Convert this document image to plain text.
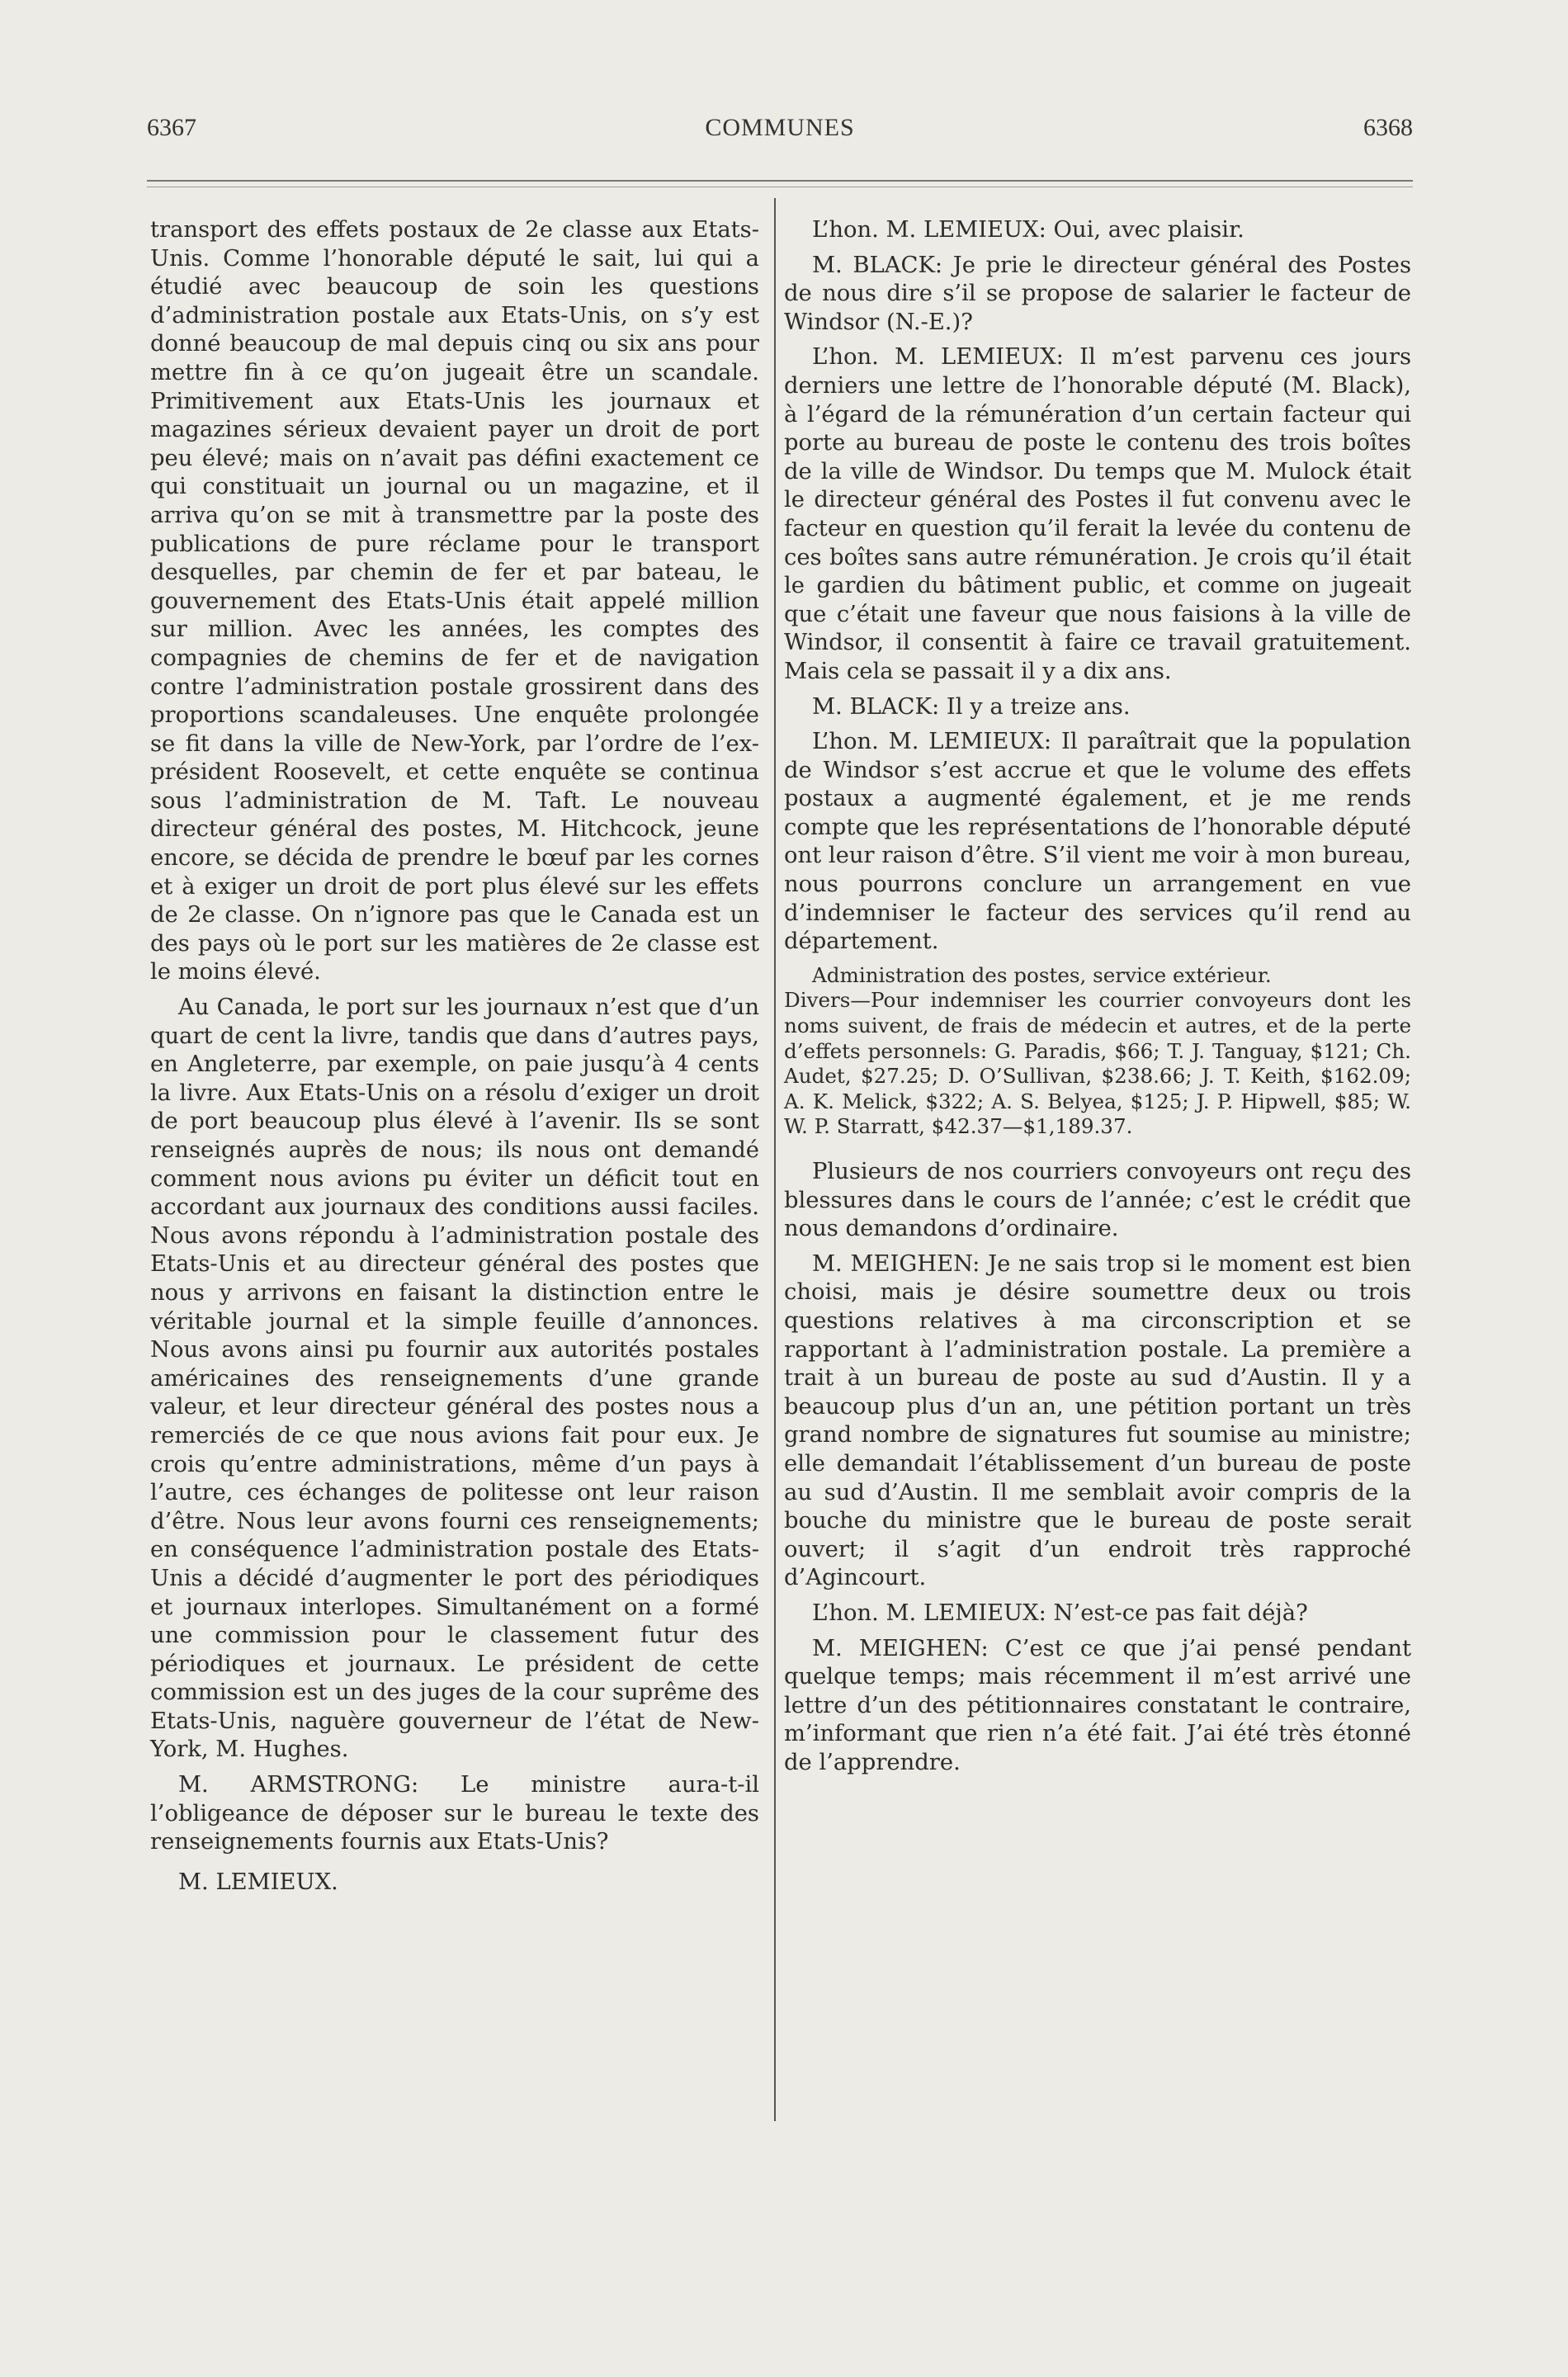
6367	COMMUNES	6368

transport des effets postaux de 2e classe aux Etats-Unis. Comme l’honorable député le sait, lui qui a étudié avec beaucoup de soin les questions d’administration postale aux Etats-Unis, on s’y est donné beaucoup de mal depuis cinq ou six ans pour mettre fin à ce qu’on jugeait être un scandale. Primitivement aux Etats-Unis les journaux et magazines sérieux devaient payer un droit de port peu élevé; mais on n’avait pas défini exactement ce qui constituait un journal ou un magazine, et il arriva qu’on se mit à transmettre par la poste des publications de pure réclame pour le transport desquelles, par chemin de fer et par bateau, le gouvernement des Etats-Unis était appelé million sur million. Avec les années, les comptes des compagnies de chemins de fer et de navigation contre l’administration postale grossirent dans des proportions scandaleuses. Une enquête prolongée se fit dans la ville de New-York, par l’ordre de l’ex-président Roosevelt, et cette enquête se continua sous l’administration de M. Taft. Le nouveau directeur général des postes, M. Hitchcock, jeune encore, se décida de prendre le bœuf par les cornes et à exiger un droit de port plus élevé sur les effets de 2e classe. On n’ignore pas que le Canada est un des pays où le port sur les matières de 2e classe est le moins élevé.

Au Canada, le port sur les journaux n’est que d’un quart de cent la livre, tandis que dans d’autres pays, en Angleterre, par exemple, on paie jusqu’à 4 cents la livre. Aux Etats-Unis on a résolu d’exiger un droit de port beaucoup plus élevé à l’avenir. Ils se sont renseignés auprès de nous; ils nous ont demandé comment nous avions pu éviter un déficit tout en accordant aux journaux des conditions aussi faciles. Nous avons répondu à l’administration postale des Etats-Unis et au directeur général des postes que nous y arrivons en faisant la distinction entre le véritable journal et la simple feuille d’annonces. Nous avons ainsi pu fournir aux autorités postales américaines des renseignements d’une grande valeur, et leur directeur général des postes nous a remerciés de ce que nous avions fait pour eux. Je crois qu’entre administrations, même d’un pays à l’autre, ces échanges de politesse ont leur raison d’être. Nous leur avons fourni ces renseignements; en conséquence l’administration postale des Etats-Unis a décidé d’augmenter le port des périodiques et journaux interlopes. Simultanément on a formé une commission pour le classement futur des périodiques et journaux. Le président de cette commission est un des juges de la cour suprême des Etats-Unis, naguère gouverneur de l’état de New-York, M. Hughes.

M. ARMSTRONG: Le ministre aura-t-il l’obligeance de déposer sur le bureau le texte des renseignements fournis aux Etats-Unis?

M. LEMIEUX.

L’hon. M. LEMIEUX: Oui, avec plaisir.

M. BLACK: Je prie le directeur général des Postes de nous dire s’il se propose de salarier le facteur de Windsor (N.-E.)?

L’hon. M. LEMIEUX: Il m’est parvenu ces jours derniers une lettre de l’honorable député (M. Black), à l’égard de la rémunération d’un certain facteur qui porte au bureau de poste le contenu des trois boîtes de la ville de Windsor. Du temps que M. Mulock était le directeur général des Postes il fut convenu avec le facteur en question qu’il ferait la levée du contenu de ces boîtes sans autre rémunération. Je crois qu’il était le gardien du bâtiment public, et comme on jugeait que c’était une faveur que nous faisions à la ville de Windsor, il consentit à faire ce travail gratuitement. Mais cela se passait il y a dix ans.

M. BLACK: Il y a treize ans.

L’hon. M. LEMIEUX: Il paraîtrait que la population de Windsor s’est accrue et que le volume des effets postaux a augmenté également, et je me rends compte que les représentations de l’honorable député ont leur raison d’être. S’il vient me voir à mon bureau, nous pourrons conclure un arrangement en vue d’indemniser le facteur des services qu’il rend au département.

Administration des postes, service extérieur.

Divers—Pour indemniser les courrier convoyeurs dont les noms suivent, de frais de médecin et autres, et de la perte d’effets personnels: G. Paradis, $66; T. J. Tanguay, $121; Ch. Audet, $27.25; D. O’Sullivan, $238.66; J. T. Keith, $162.09; A. K. Melick, $322; A. S. Belyea, $125; J. P. Hipwell, $85; W. W. P. Starratt, $42.37—$1,189.37.

Plusieurs de nos courriers convoyeurs ont reçu des blessures dans le cours de l’année; c’est le crédit que nous demandons d’ordinaire.

M. MEIGHEN: Je ne sais trop si le moment est bien choisi, mais je désire soumettre deux ou trois questions relatives à ma circonscription et se rapportant à l’administration postale. La première a trait à un bureau de poste au sud d’Austin. Il y a beaucoup plus d’un an, une pétition portant un très grand nombre de signatures fut soumise au ministre; elle demandait l’établissement d’un bureau de poste au sud d’Austin. Il me semblait avoir compris de la bouche du ministre que le bureau de poste serait ouvert; il s’agit d’un endroit très rapproché d’Agincourt.

L’hon. M. LEMIEUX: N’est-ce pas fait déjà?

M. MEIGHEN: C’est ce que j’ai pensé pendant quelque temps; mais récemment il m’est arrivé une lettre d’un des pétitionnaires constatant le contraire, m’informant que rien n’a été fait. J’ai été très étonné de l’apprendre.
